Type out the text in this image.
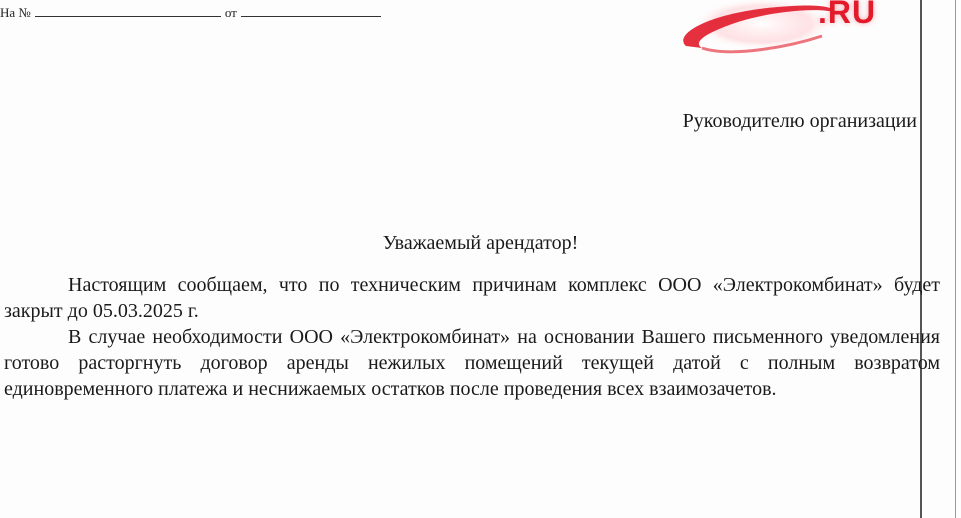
На №	от	.RU
Руководителю организации
Уважаемый арендатор!

Настоящим сообщаем, что по техническим причинам комплекс ООО «Электрокомбинат» будет закрыт до 05.03.2025 г.

В случае необходимости ООО «Электрокомбинат» на основании Вашего письменного уведомления готово расторгнуть договор аренды нежилых помещений текущей датой с полным возвратом единовременного платежа и неснижаемых остатков после проведения всех взаимозачетов.
